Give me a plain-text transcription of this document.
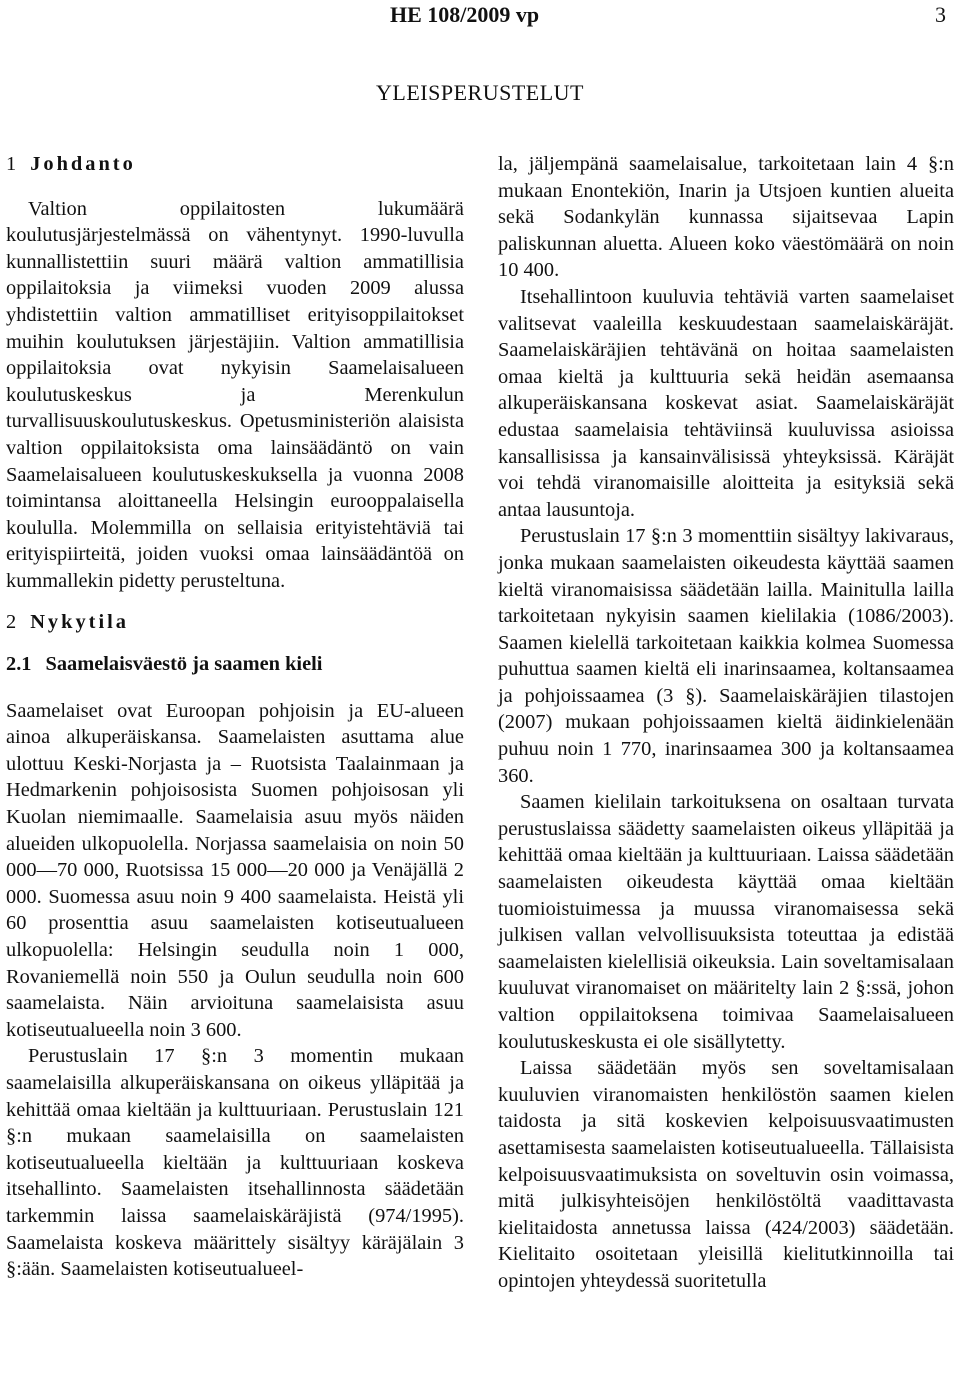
HE 108/2009 vp	3
YLEISPERUSTELUT
1 Johdanto

Valtion oppilaitosten lukumäärä koulutusjärjestelmässä on vähentynyt. 1990-luvulla kunnallistettiin suuri määrä valtion ammatillisia oppilaitoksia ja viimeksi vuoden 2009 alussa yhdistettiin valtion ammatilliset erityisoppilaitokset muihin koulutuksen järjestäjiin. Valtion ammatillisia oppilaitoksia ovat nykyisin Saamelaisalueen koulutuskeskus ja Merenkulun turvallisuuskoulutuskeskus. Opetusministeriön alaisista valtion oppilaitoksista oma lainsäädäntö on vain Saamelaisalueen koulutuskeskuksella ja vuonna 2008 toimintansa aloittaneella Helsingin eurooppalaisella koululla. Molemmilla on sellaisia erityistehtäviä tai erityispiirteitä, joiden vuoksi omaa lainsäädäntöä on kummallekin pidetty perusteltuna.

2 Nykytila
2.1 Saamelaisväestö ja saamen kieli

Saamelaiset ovat Euroopan pohjoisin ja EU-alueen ainoa alkuperäiskansa. Saamelaisten asuttama alue ulottuu Keski-Norjasta ja – Ruotsista Taalainmaan ja Hedmarkenin pohjoisosista Suomen pohjoisosan yli Kuolan niemimaalle. Saamelaisia asuu myös näiden alueiden ulkopuolella. Norjassa saamelaisia on noin 50 000—70 000, Ruotsissa 15 000—20 000 ja Venäjällä 2 000. Suomessa asuu noin 9 400 saamelaista. Heistä yli 60 prosenttia asuu saamelaisten kotiseutualueen ulkopuolella: Helsingin seudulla noin 1 000, Rovaniemellä noin 550 ja Oulun seudulla noin 600 saamelaista. Näin arvioituna saamelaisista asuu kotiseutualueella noin 3 600.

Perustuslain 17 §:n 3 momentin mukaan saamelaisilla alkuperäiskansana on oikeus ylläpitää ja kehittää omaa kieltään ja kulttuuriaan. Perustuslain 121 §:n mukaan saamelaisilla on saamelaisten kotiseutualueella kieltään ja kulttuuriaan koskeva itsehallinto. Saamelaisten itsehallinnosta säädetään tarkemmin laissa saamelaiskäräjistä (974/1995). Saamelaista koskeva määrittely sisältyy käräjälain 3 §:ään. Saamelaisten kotiseutualueel-

la, jäljempänä saamelaisalue, tarkoitetaan lain 4 §:n mukaan Enontekiön, Inarin ja Utsjoen kuntien alueita sekä Sodankylän kunnassa sijaitsevaa Lapin paliskunnan aluetta. Alueen koko väestömäärä on noin 10 400.

Itsehallintoon kuuluvia tehtäviä varten saamelaiset valitsevat vaaleilla keskuudestaan saamelaiskäräjät. Saamelaiskäräjien tehtävänä on hoitaa saamelaisten omaa kieltä ja kulttuuria sekä heidän asemaansa alkuperäiskansana koskevat asiat. Saamelaiskäräjät edustaa saamelaisia tehtäviinsä kuuluvissa asioissa kansallisissa ja kansainvälisissä yhteyksissä. Käräjät voi tehdä viranomaisille aloitteita ja esityksiä sekä antaa lausuntoja.

Perustuslain 17 §:n 3 momenttiin sisältyy lakivaraus, jonka mukaan saamelaisten oikeudesta käyttää saamen kieltä viranomaisissa säädetään lailla. Mainitulla lailla tarkoitetaan nykyisin saamen kielilakia (1086/2003). Saamen kielellä tarkoitetaan kaikkia kolmea Suomessa puhuttua saamen kieltä eli inarinsaamea, koltansaamea ja pohjoissaamea (3 §). Saamelaiskäräjien tilastojen (2007) mukaan pohjoissaamen kieltä äidinkielenään puhuu noin 1 770, inarinsaamea 300 ja koltansaamea 360.

Saamen kielilain tarkoituksena on osaltaan turvata perustuslaissa säädetty saamelaisten oikeus ylläpitää ja kehittää omaa kieltään ja kulttuuriaan. Laissa säädetään saamelaisten oikeudesta käyttää omaa kieltään tuomioistuimessa ja muussa viranomaisessa sekä julkisen vallan velvollisuuksista toteuttaa ja edistää saamelaisten kielellisiä oikeuksia. Lain soveltamisalaan kuuluvat viranomaiset on määritelty lain 2 §:ssä, johon valtion oppilaitoksena toimivaa Saamelaisalueen koulutuskeskusta ei ole sisällytetty.

Laissa säädetään myös sen soveltamisalaan kuuluvien viranomaisten henkilöstön saamen kielen taidosta ja sitä koskevien kelpoisuusvaatimusten asettamisesta saamelaisten kotiseutualueella. Tällaisista kelpoisuusvaatimuksista on soveltuvin osin voimassa, mitä julkisyhteisöjen henkilöstöltä vaadittavasta kielitaidosta annetussa laissa (424/2003) säädetään. Kielitaito osoitetaan yleisillä kielitutkinnoilla tai opintojen yhteydessä suoritetulla
